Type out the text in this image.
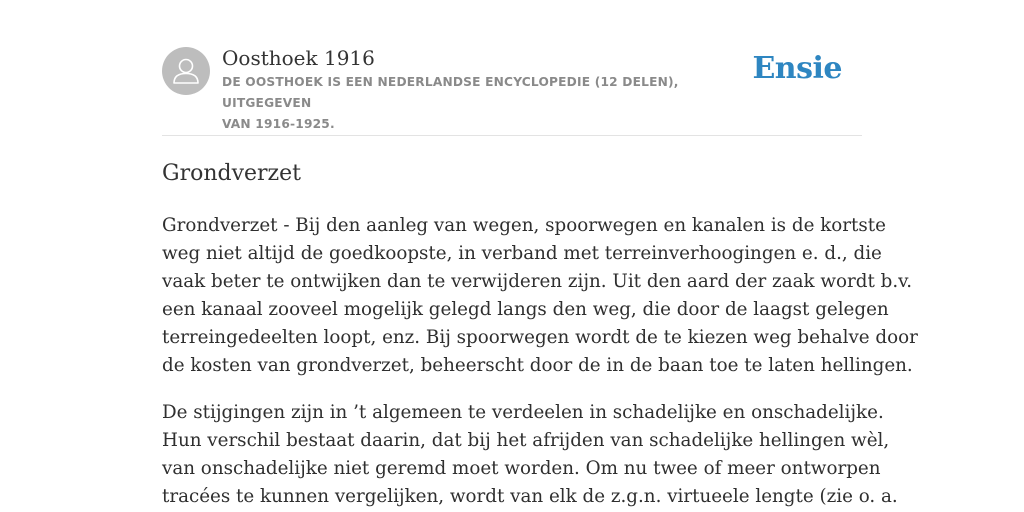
Oosthoek 1916
DE OOSTHOEK IS EEN NEDERLANDSE ENCYCLOPEDIE (12 DELEN), UITGEGEVEN
VAN 1916-1925.
Ensie
Grondverzet

Grondverzet - Bij den aanleg van wegen, spoorwegen en kanalen is de kortste
weg niet altijd de goedkoopste, in verband met terreinverhoogingen e. d., die
vaak beter te ontwijken dan te verwijderen zijn. Uit den aard der zaak wordt b.v.
een kanaal zooveel mogelijk gelegd langs den weg, die door de laagst gelegen
terreingedeelten loopt, enz. Bij spoorwegen wordt de te kiezen weg behalve door
de kosten van grondverzet, beheerscht door de in de baan toe te laten hellingen.

De stijgingen zijn in ’t algemeen te verdeelen in schadelijke en onschadelijke.
Hun verschil bestaat daarin, dat bij het afrijden van schadelijke hellingen wèl,
van onschadelijke niet geremd moet worden. Om nu twee of meer ontworpen
tracées te kunnen vergelijken, wordt van elk de z.g.n. virtueele lengte (zie o. a.
